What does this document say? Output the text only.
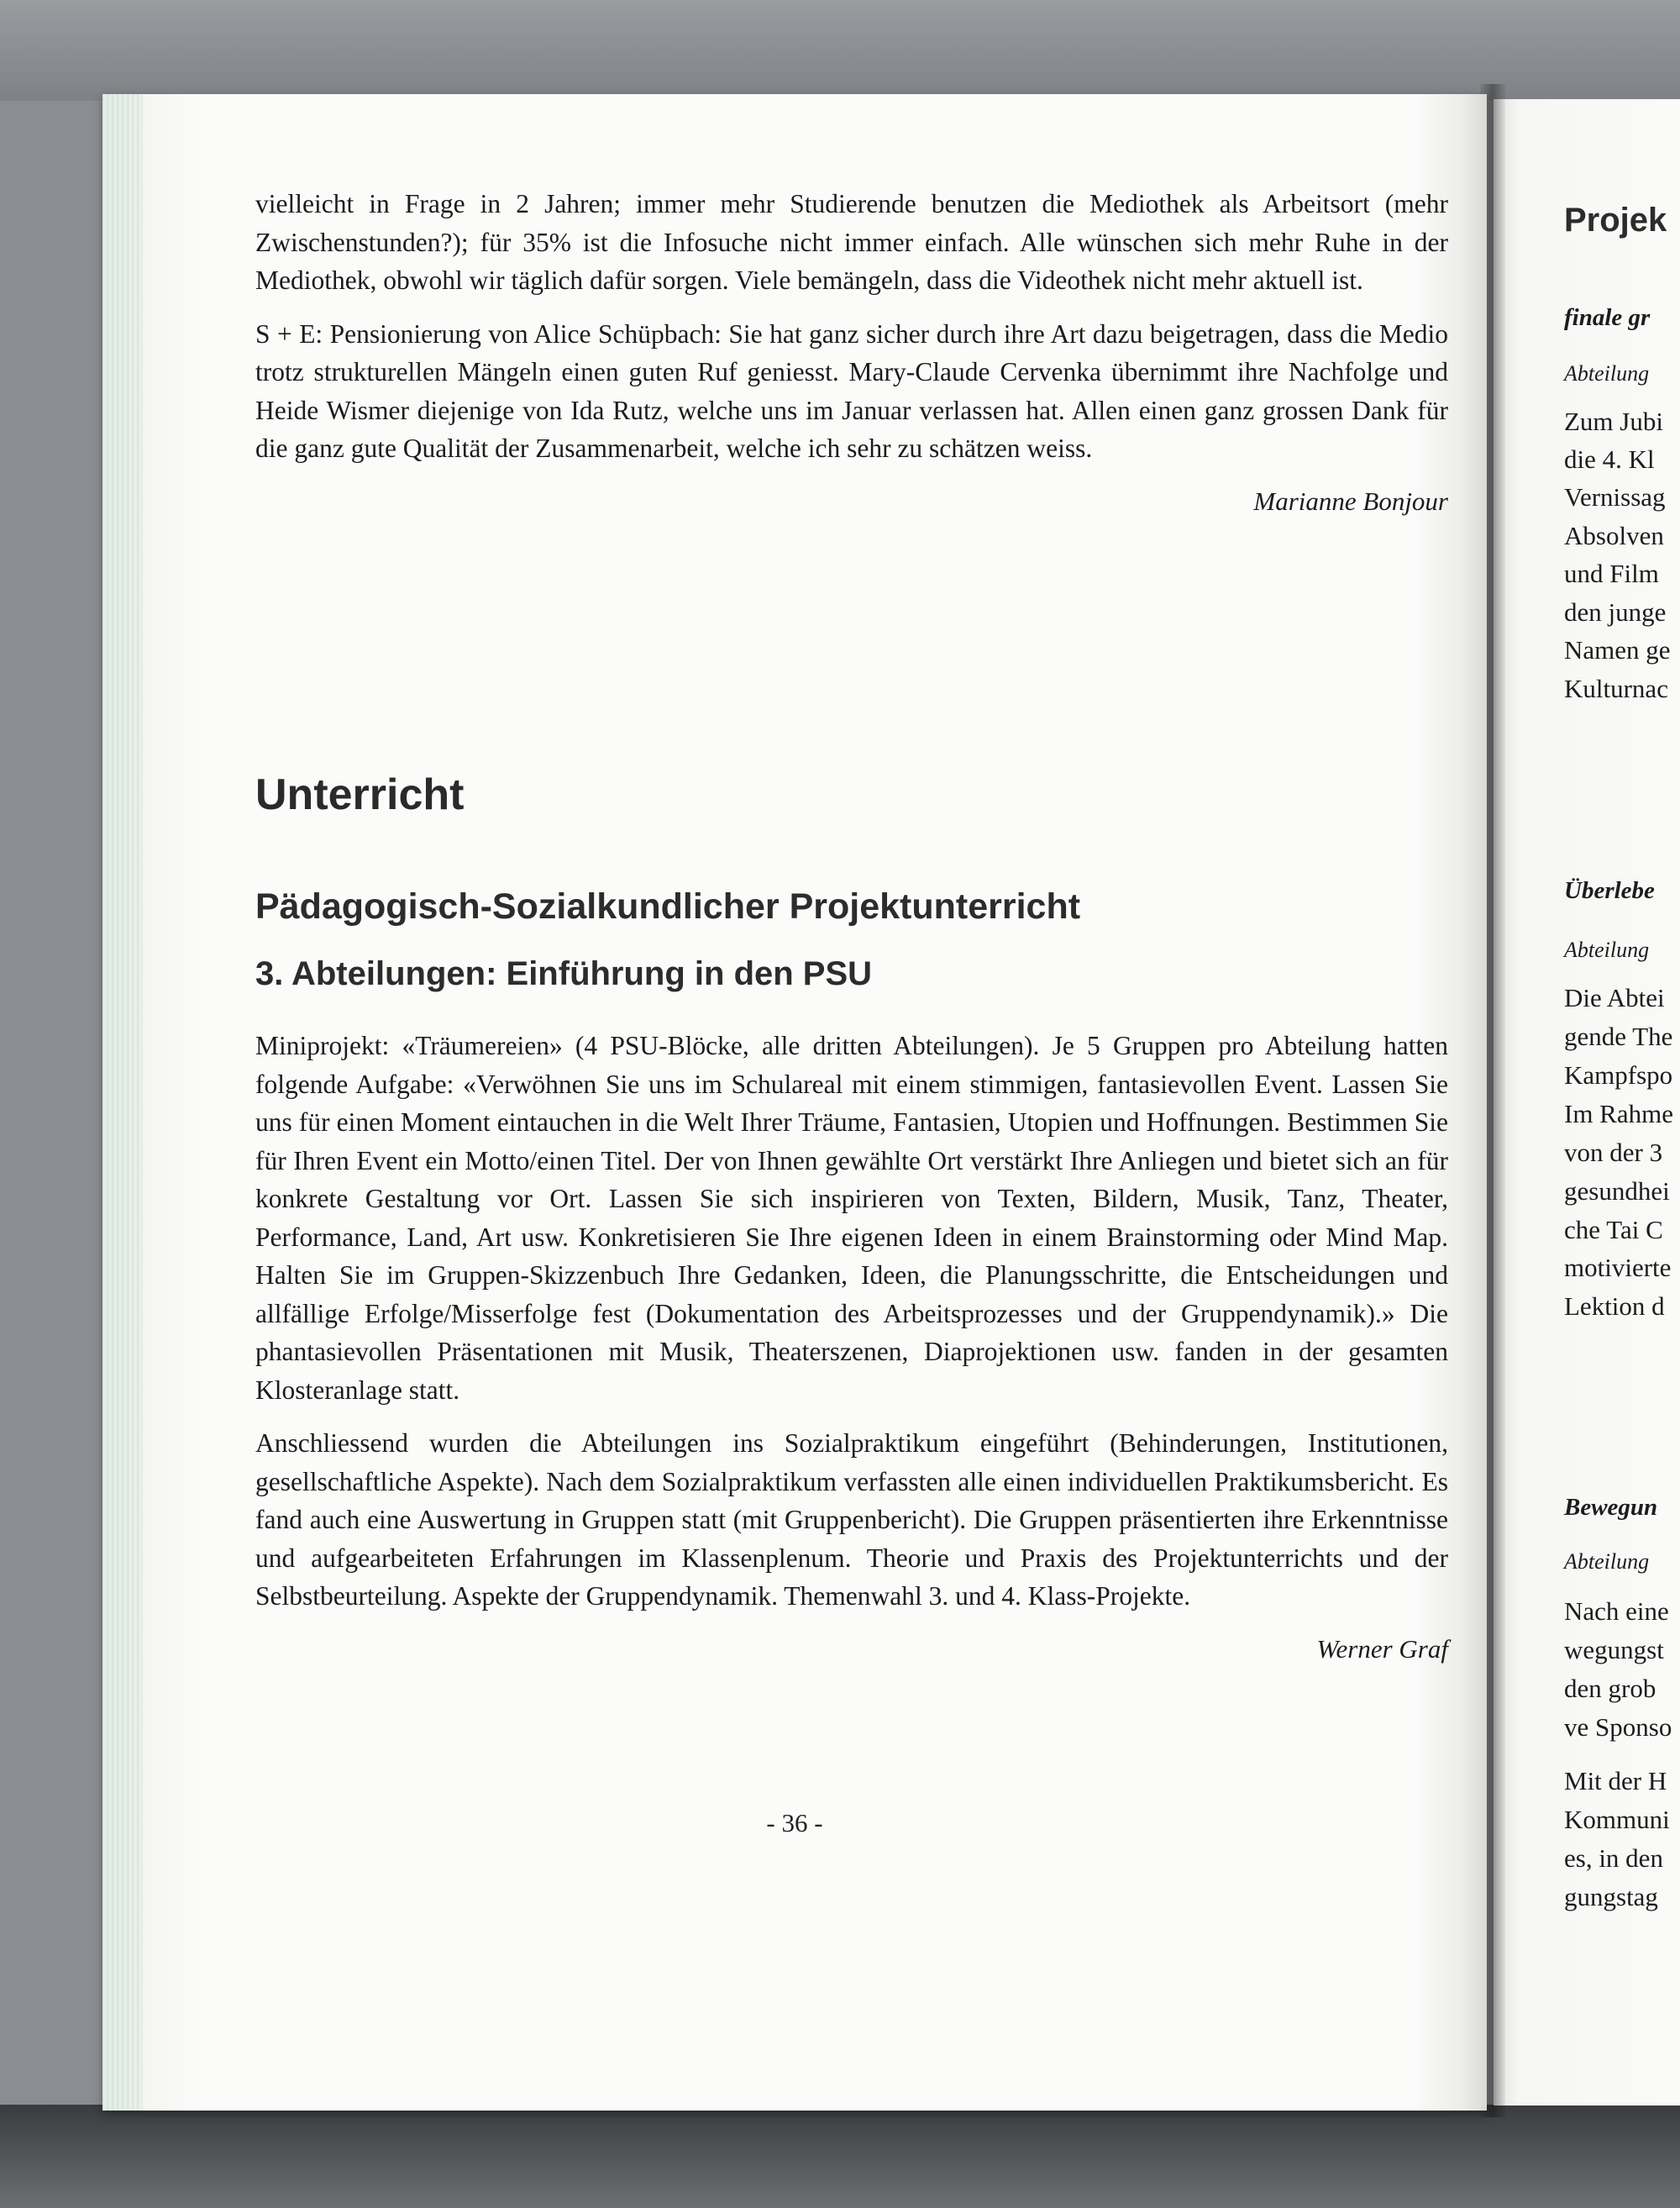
vielleicht in Frage in 2 Jahren; immer mehr Studierende benutzen die Mediothek als Arbeitsort (mehr Zwischenstunden?); für 35% ist die Infosuche nicht immer einfach. Alle wünschen sich mehr Ruhe in der Mediothek, obwohl wir täglich dafür sorgen. Viele bemängeln, dass die Videothek nicht mehr aktuell ist.

S + E: Pensionierung von Alice Schüpbach: Sie hat ganz sicher durch ihre Art dazu beigetragen, dass die Medio trotz strukturellen Mängeln einen guten Ruf geniesst. Mary-Claude Cervenka übernimmt ihre Nachfolge und Heide Wismer diejenige von Ida Rutz, welche uns im Januar verlassen hat. Allen einen ganz grossen Dank für die ganz gute Qualität der Zusammenarbeit, welche ich sehr zu schätzen weiss.

Marianne Bonjour

Unterricht
Pädagogisch-Sozialkundlicher Projektunterricht
3. Abteilungen: Einführung in den PSU

Miniprojekt: «Träumereien» (4 PSU-Blöcke, alle dritten Abteilungen). Je 5 Gruppen pro Abteilung hatten folgende Aufgabe: «Verwöhnen Sie uns im Schulareal mit einem stimmigen, fantasievollen Event. Lassen Sie uns für einen Moment eintauchen in die Welt Ihrer Träume, Fantasien, Utopien und Hoffnungen. Bestimmen Sie für Ihren Event ein Motto/einen Titel. Der von Ihnen gewählte Ort verstärkt Ihre Anliegen und bietet sich an für konkrete Gestaltung vor Ort. Lassen Sie sich inspirieren von Texten, Bildern, Musik, Tanz, Theater, Performance, Land, Art usw. Konkretisieren Sie Ihre eigenen Ideen in einem Brainstorming oder Mind Map. Halten Sie im Gruppen-Skizzenbuch Ihre Gedanken, Ideen, die Planungsschritte, die Entscheidungen und allfällige Erfolge/Misserfolge fest (Dokumentation des Arbeitsprozesses und der Gruppendynamik).» Die phantasievollen Präsentationen mit Musik, Theaterszenen, Diaprojektionen usw. fanden in der gesamten Klosteranlage statt.

Anschliessend wurden die Abteilungen ins Sozialpraktikum eingeführt (Behinderungen, Institutionen, gesellschaftliche Aspekte). Nach dem Sozialpraktikum verfassten alle einen individuellen Praktikumsbericht. Es fand auch eine Auswertung in Gruppen statt (mit Gruppenbericht). Die Gruppen präsentierten ihre Erkenntnisse und aufgearbeiteten Erfahrungen im Klassenplenum. Theorie und Praxis des Projektunterrichts und der Selbstbeurteilung. Aspekte der Gruppendynamik. Themenwahl 3. und 4. Klass-Projekte.

Werner Graf

- 36 -
Projek
finale gr
Abteilung
Zum Jubi
die 4. Kl
Vernissag
Absolven
und Film
den junge
Namen ge
Kulturnac
Überlebe
Abteilung
Die Abtei
gende The
Kampfspo
Im Rahme
von der 3
gesundhei
che Tai C
motivierte
Lektion d
Bewegun
Abteilung
Nach eine
wegungst
den grob
ve Sponso
Mit der H
Kommuni
es, in den
gungstag
